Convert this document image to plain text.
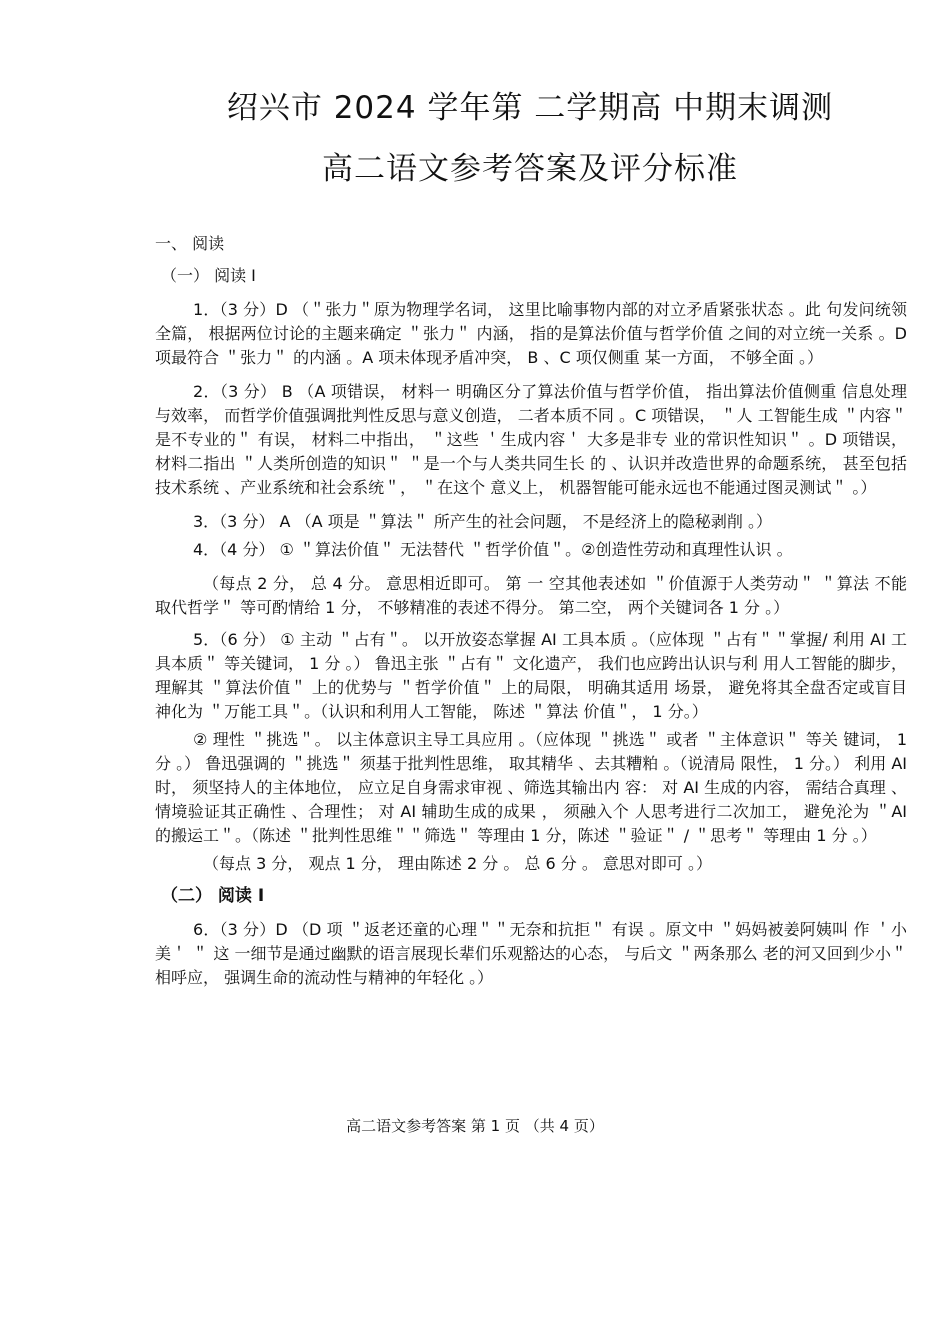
绍兴市 2024 学年第 二学期高 中期末调测
高二语文参考答案及评分标准
一、 阅读
（一） 阅读 I

1．（3 分）D （＂张力＂原为物理学名词， 这里比喻事物内部的对立矛盾紧张状态 。此 句发问统领全篇， 根据两位讨论的主题来确定 ＂张力＂ 内涵， 指的是算法价值与哲学价值 之间的对立统一关系 。D 项最符合 ＂张力＂ 的内涵 。A 项未体现矛盾冲突， B 、C 项仅侧重 某一方面， 不够全面 。）

2．（3 分） B （A 项错误， 材料一 明确区分了算法价值与哲学价值， 指出算法价值侧重 信息处理与效率， 而哲学价值强调批判性反思与意义创造， 二者本质不同 。C 项错误， ＂人 工智能生成 ＂内容＂ 是不专业的＂ 有误， 材料二中指出， ＂这些 ＇生成内容＇ 大多是非专 业的常识性知识＂ 。D 项错误， 材料二指出 ＂人类所创造的知识＂ ＂是一个与人类共同生长 的 、认识并改造世界的命题系统， 甚至包括技术系统 、产业系统和社会系统＂， ＂在这个 意义上， 机器智能可能永远也不能通过图灵测试＂ 。）

3．（3 分） A （A 项是 ＂算法＂ 所产生的社会问题， 不是经济上的隐秘剥削 。）

4．（4 分） ① ＂算法价值＂ 无法替代 ＂哲学价值＂。②创造性劳动和真理性认识 。

（每点 2 分， 总 4 分。 意思相近即可。 第 一 空其他表述如 ＂价值源于人类劳动＂ ＂算法 不能取代哲学＂ 等可酌情给 1 分， 不够精准的表述不得分。 第二空， 两个关键词各 1 分 。）

5．（6 分） ① 主动 ＂占有＂。 以开放姿态掌握 AI 工具本质 。（应体现 ＂占有＂＂掌握/ 利用 AI 工具本质＂ 等关键词， 1 分 。） 鲁迅主张 ＂占有＂ 文化遗产， 我们也应跨出认识与利 用人工智能的脚步， 理解其 ＂算法价值＂ 上的优势与 ＂哲学价值＂ 上的局限， 明确其适用 场景， 避免将其全盘否定或盲目神化为 ＂万能工具＂。（认识和利用人工智能， 陈述 ＂算法 价值＂， 1 分。）

② 理性 ＂挑选＂。 以主体意识主导工具应用 。（应体现 ＂挑选＂ 或者 ＂主体意识＂ 等关 键词， 1 分 。） 鲁迅强调的 ＂挑选＂ 须基于批判性思维， 取其精华 、去其糟粕 。（说清局 限性， 1 分。） 利用 AI 时， 须坚持人的主体地位， 应立足自身需求审视 、筛选其输出内 容： 对 AI 生成的内容， 需结合真理 、情境验证其正确性 、合理性； 对 AI 辅助生成的成果 ， 须融入个 人思考进行二次加工， 避免沦为 ＂AI 的搬运工＂。（陈述 ＂批判性思维＂＂筛选＂ 等理由 1 分，陈述 ＂验证＂ / ＂思考＂ 等理由 1 分 。）

（每点 3 分， 观点 1 分， 理由陈述 2 分 。 总 6 分 。 意思对即可 。）

（二） 阅读 I

6．（3 分）D （D 项 ＂返老还童的心理＂＂无奈和抗拒＂ 有误 。原文中 ＂妈妈被姜阿姨叫 作 ＇小美＇ ＂ 这 一细节是通过幽默的语言展现长辈们乐观豁达的心态， 与后文 ＂两条那么 老的河又回到少小＂ 相呼应， 强调生命的流动性与精神的年轻化 。）

高二语文参考答案 第 1 页 （共 4 页）
